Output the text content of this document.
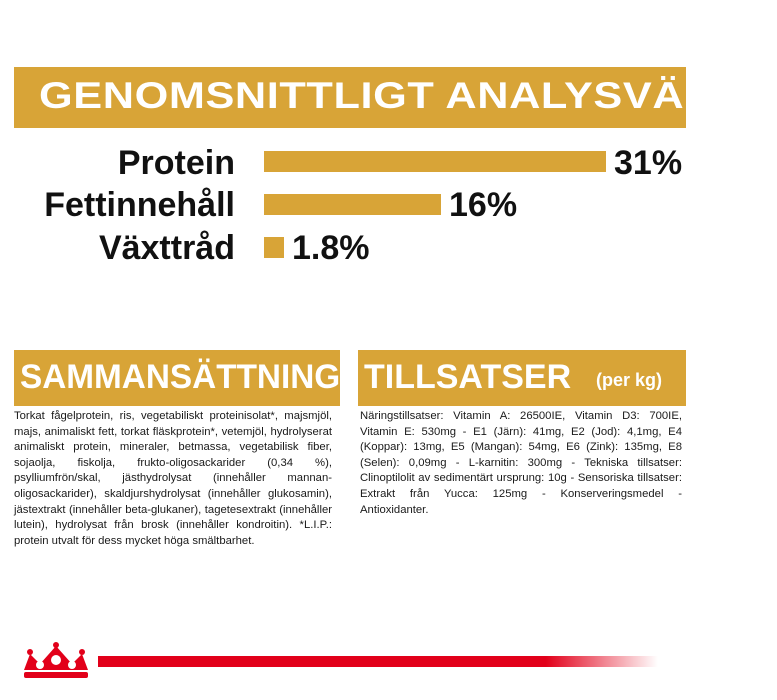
GENOMSNITTLIGT ANALYSVÄRDE
Protein	31%
Fettinnehåll	16%
Växttråd 1.8%
SAMMANSÄTTNING
Torkat fågelprotein, ris, vegetabiliskt proteinisolat*, majsmjöl, majs, animaliskt fett, torkat fläskprotein*, vetemjöl, hydrolyserat animaliskt protein, mineraler, betmassa, vegetabilisk fiber, sojaolja, fiskolja, frukto-oligosackarider (0,34 %), psylliumfrön/skal, jästhydrolysat (innehåller mannan-oligosackarider), skaldjurshydrolysat (innehåller glukosamin), jästextrakt (innehåller beta-glukaner), tagetesextrakt (innehåller lutein), hydrolysat från brosk (innehåller kondroitin). *L.I.P.: protein utvalt för dess mycket höga smältbarhet.
TILLSATSER (per kg)
Näringstillsatser: Vitamin A: 26500IE, Vitamin D3: 700IE, Vitamin E: 530mg - E1 (Järn): 41mg, E2 (Jod): 4,1mg, E4 (Koppar): 13mg, E5 (Mangan): 54mg, E6 (Zink): 135mg, E8 (Selen): 0,09mg - L-karnitin: 300mg - Tekniska tillsatser: Clinoptilolit av sedimentärt ursprung: 10g - Sensoriska tillsatser: Extrakt från Yucca: 125mg - Konserveringsmedel - Antioxidanter.
